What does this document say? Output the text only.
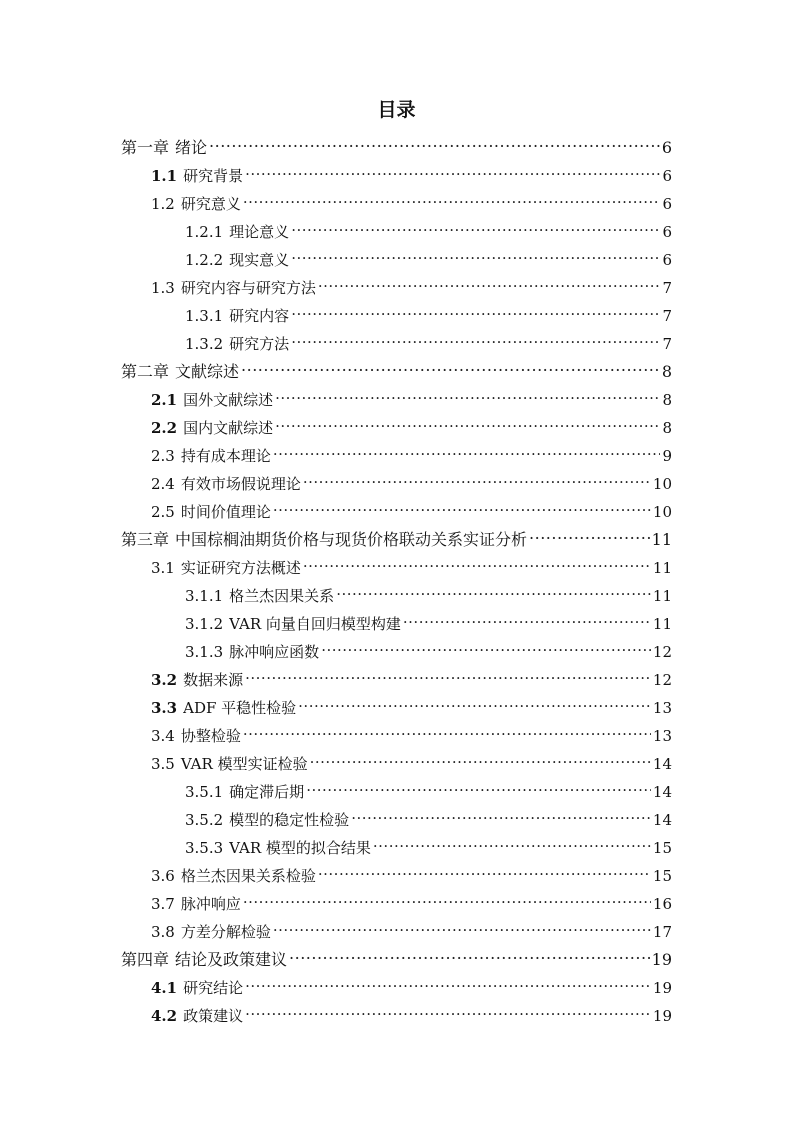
目录
第一章 绪论 .....	6
1.1 研究背景 .....	6
1.2 研究意义 .....	6
1.2.1 理论意义 .....	6
1.2.2 现实意义 .....	6
1.3 研究内容与研究方法 .....	7
1.3.1 研究内容 .....	7
1.3.2 研究方法 .....	7
第二章 文献综述 .....	8
2.1 国外文献综述 .....	8
2.2 国内文献综述 .....	8
2.3 持有成本理论 .....	9
2.4 有效市场假说理论 .....	10
2.5 时间价值理论 .....	10
第三章 中国棕榈油期货价格与现货价格联动关系实证分析 .....	11
3.1 实证研究方法概述 .....	11
3.1.1 格兰杰因果关系 .....	11
3.1.2 VAR 向量自回归模型构建 .....	11
3.1.3 脉冲响应函数 .....	12
3.2 数据来源 .....	12
3.3 ADF 平稳性检验 .....	13
3.4 协整检验 .....	13
3.5 VAR 模型实证检验 .....	14
3.5.1 确定滞后期 .....	14
3.5.2 模型的稳定性检验 .....	14
3.5.3 VAR 模型的拟合结果 .....	15
3.6 格兰杰因果关系检验 .....	15
3.7 脉冲响应 .....	16
3.8 方差分解检验 .....	17
第四章 结论及政策建议 .....	19
4.1 研究结论 .....	19
4.2 政策建议 .....	19
